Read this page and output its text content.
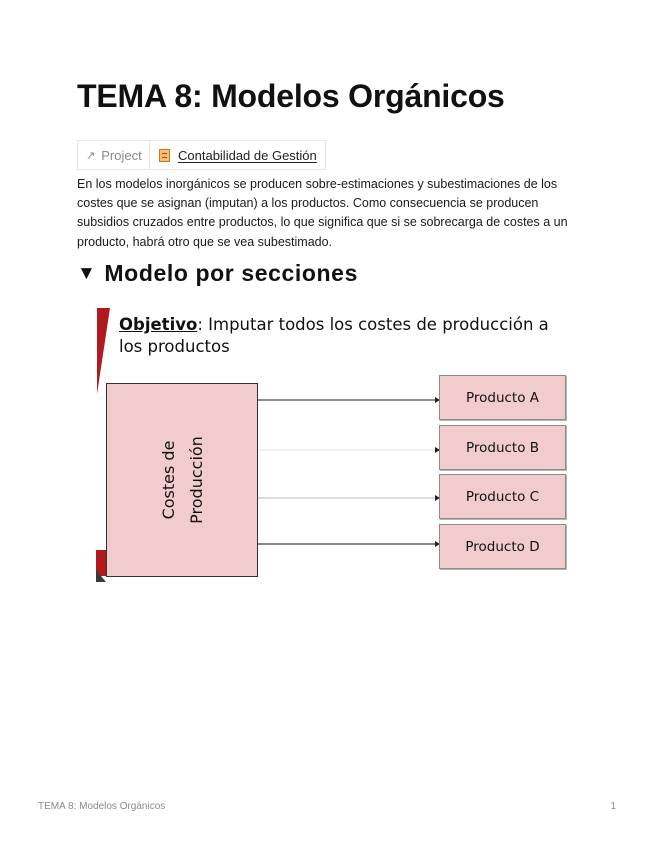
TEMA 8: Modelos Orgánicos
↗ Project	Contabilidad de Gestión

En los modelos inorgánicos se producen sobre-estimaciones y subestimaciones de los costes que se asignan (imputan) a los productos. Como consecuencia se producen subsidios cruzados entre productos, lo que significa que si se sobrecarga de costes a un producto, habrá otro que se vea subestimado.

▼ Modelo por secciones

Objetivo: Imputar todos los costes de producción a los productos

Costes de Producción
Producto A
Producto B
Producto C
Producto D
TEMA 8: Modelos Orgánicos	1
